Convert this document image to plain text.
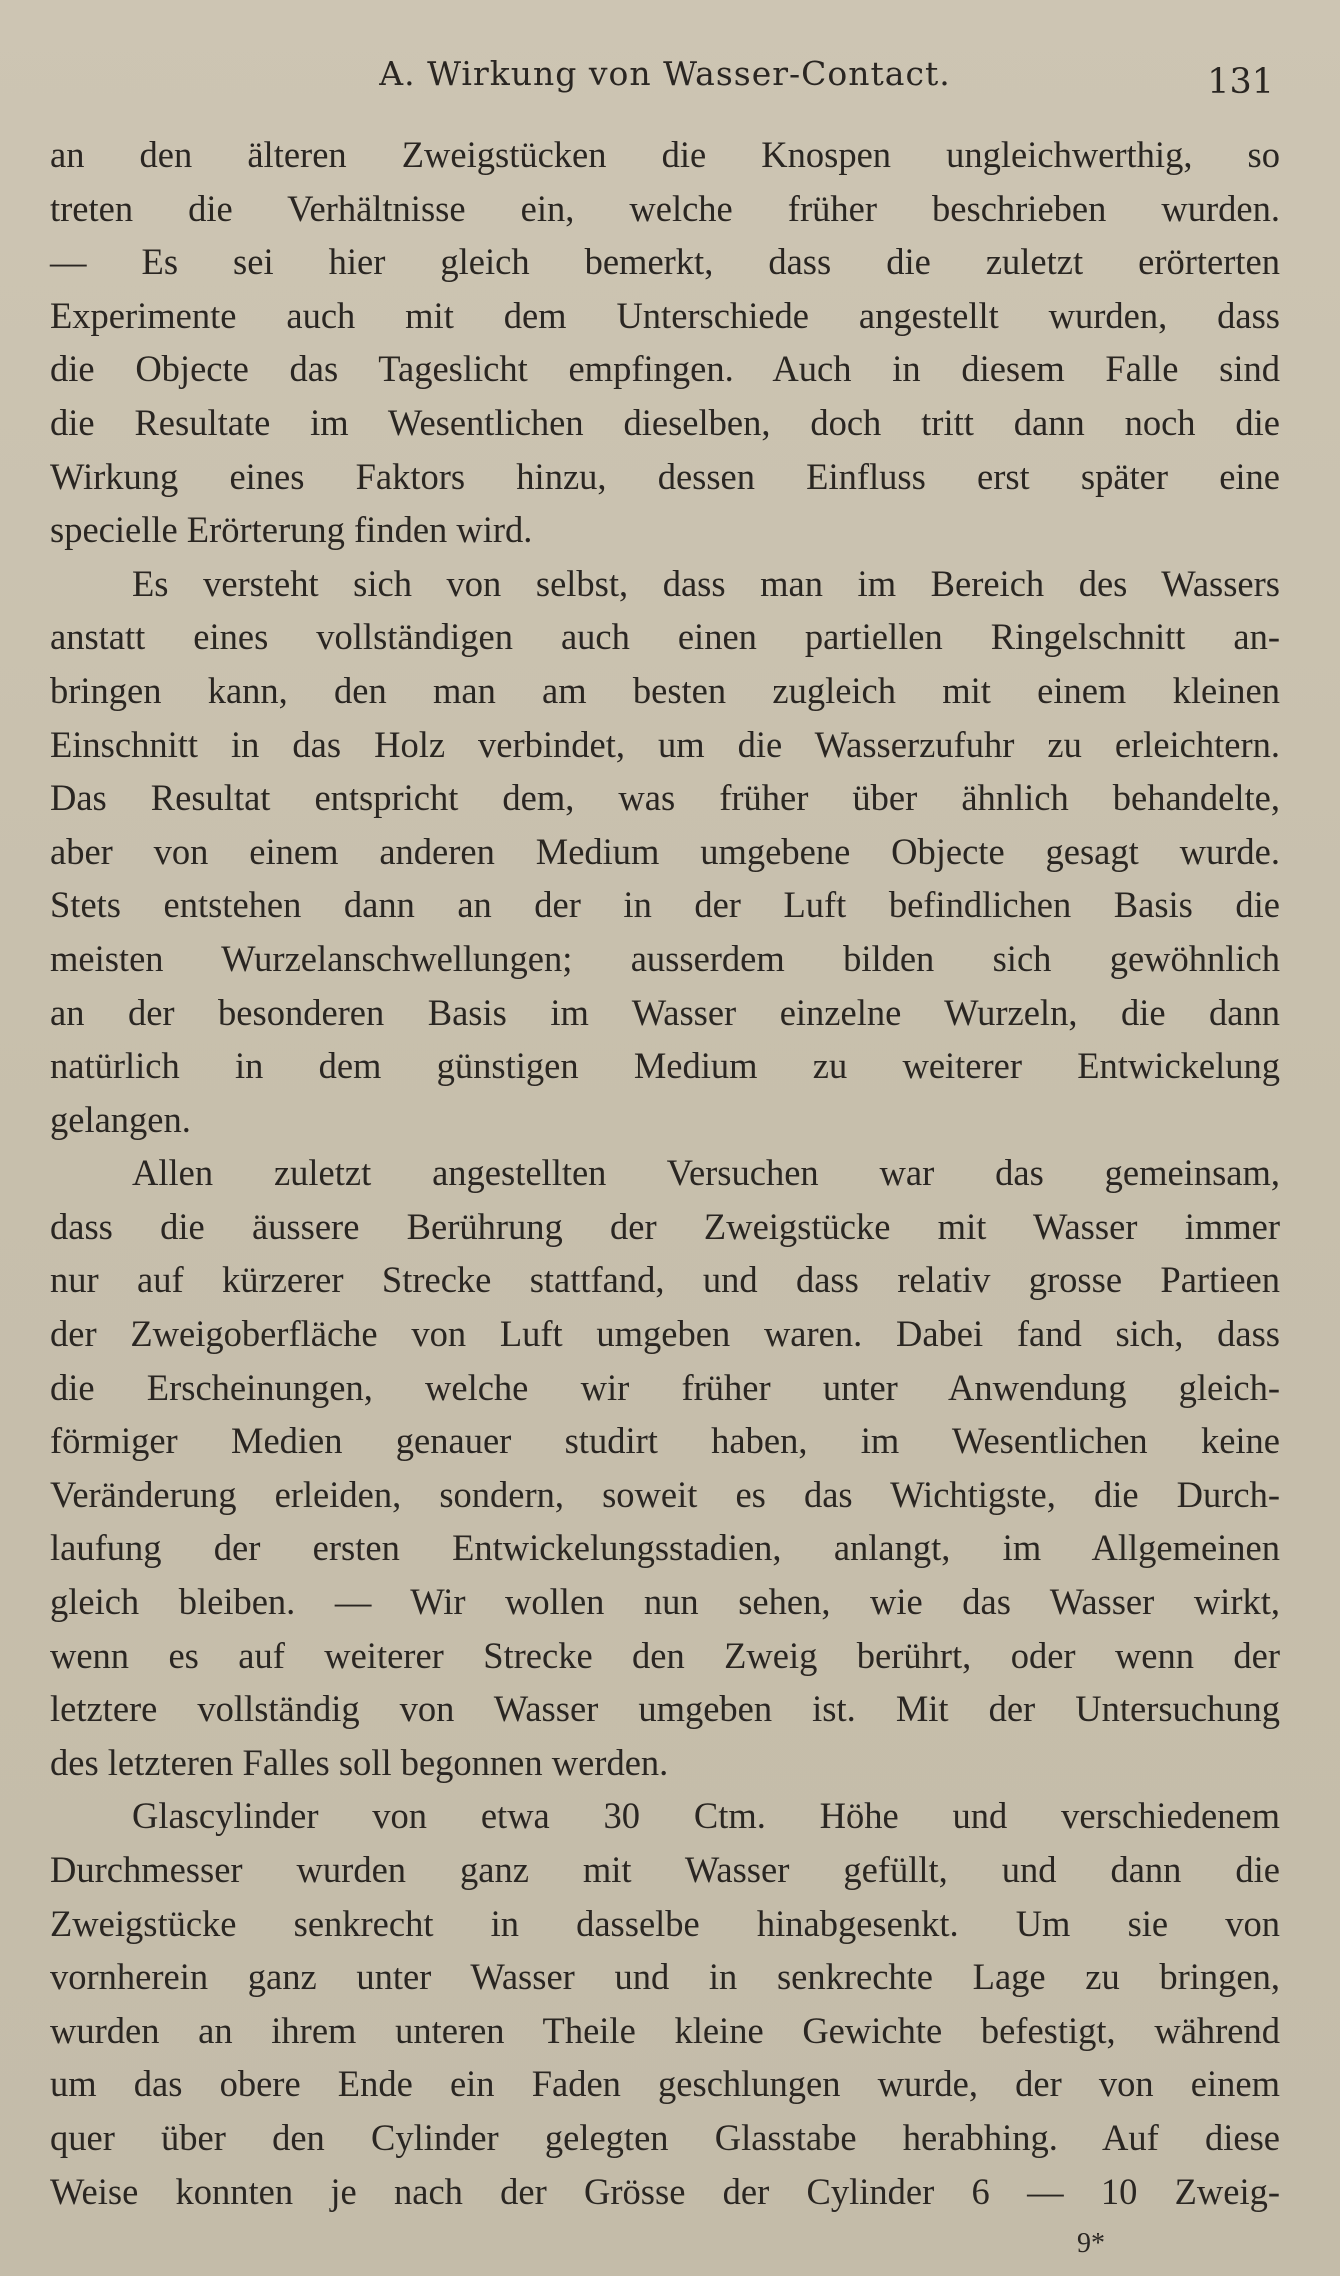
A. Wirkung von Wasser-Contact.	131
an den älteren Zweigstücken die Knospen ungleichwerthig, so
treten die Verhältnisse ein, welche früher beschrieben wurden.
— Es sei hier gleich bemerkt, dass die zuletzt erörterten
Experimente auch mit dem Unterschiede angestellt wurden, dass
die Objecte das Tageslicht empfingen. Auch in diesem Falle sind
die Resultate im Wesentlichen dieselben, doch tritt dann noch die
Wirkung eines Faktors hinzu, dessen Einfluss erst später eine
specielle Erörterung finden wird.
Es versteht sich von selbst, dass man im Bereich des Wassers
anstatt eines vollständigen auch einen partiellen Ringelschnitt an-
bringen kann, den man am besten zugleich mit einem kleinen
Einschnitt in das Holz verbindet, um die Wasserzufuhr zu erleichtern.
Das Resultat entspricht dem, was früher über ähnlich behandelte,
aber von einem anderen Medium umgebene Objecte gesagt wurde.
Stets entstehen dann an der in der Luft befindlichen Basis die
meisten Wurzelanschwellungen; ausserdem bilden sich gewöhnlich
an der besonderen Basis im Wasser einzelne Wurzeln, die dann
natürlich in dem günstigen Medium zu weiterer Entwickelung
gelangen.
Allen zuletzt angestellten Versuchen war das gemeinsam,
dass die äussere Berührung der Zweigstücke mit Wasser immer
nur auf kürzerer Strecke stattfand, und dass relativ grosse Partieen
der Zweigoberfläche von Luft umgeben waren. Dabei fand sich, dass
die Erscheinungen, welche wir früher unter Anwendung gleich-
förmiger Medien genauer studirt haben, im Wesentlichen keine
Veränderung erleiden, sondern, soweit es das Wichtigste, die Durch-
laufung der ersten Entwickelungsstadien, anlangt, im Allgemeinen
gleich bleiben. — Wir wollen nun sehen, wie das Wasser wirkt,
wenn es auf weiterer Strecke den Zweig berührt, oder wenn der
letztere vollständig von Wasser umgeben ist. Mit der Untersuchung
des letzteren Falles soll begonnen werden.
Glascylinder von etwa 30 Ctm. Höhe und verschiedenem
Durchmesser wurden ganz mit Wasser gefüllt, und dann die
Zweigstücke senkrecht in dasselbe hinabgesenkt. Um sie von
vornherein ganz unter Wasser und in senkrechte Lage zu bringen,
wurden an ihrem unteren Theile kleine Gewichte befestigt, während
um das obere Ende ein Faden geschlungen wurde, der von einem
quer über den Cylinder gelegten Glasstabe herabhing. Auf diese
Weise konnten je nach der Grösse der Cylinder 6 — 10 Zweig-
9*
